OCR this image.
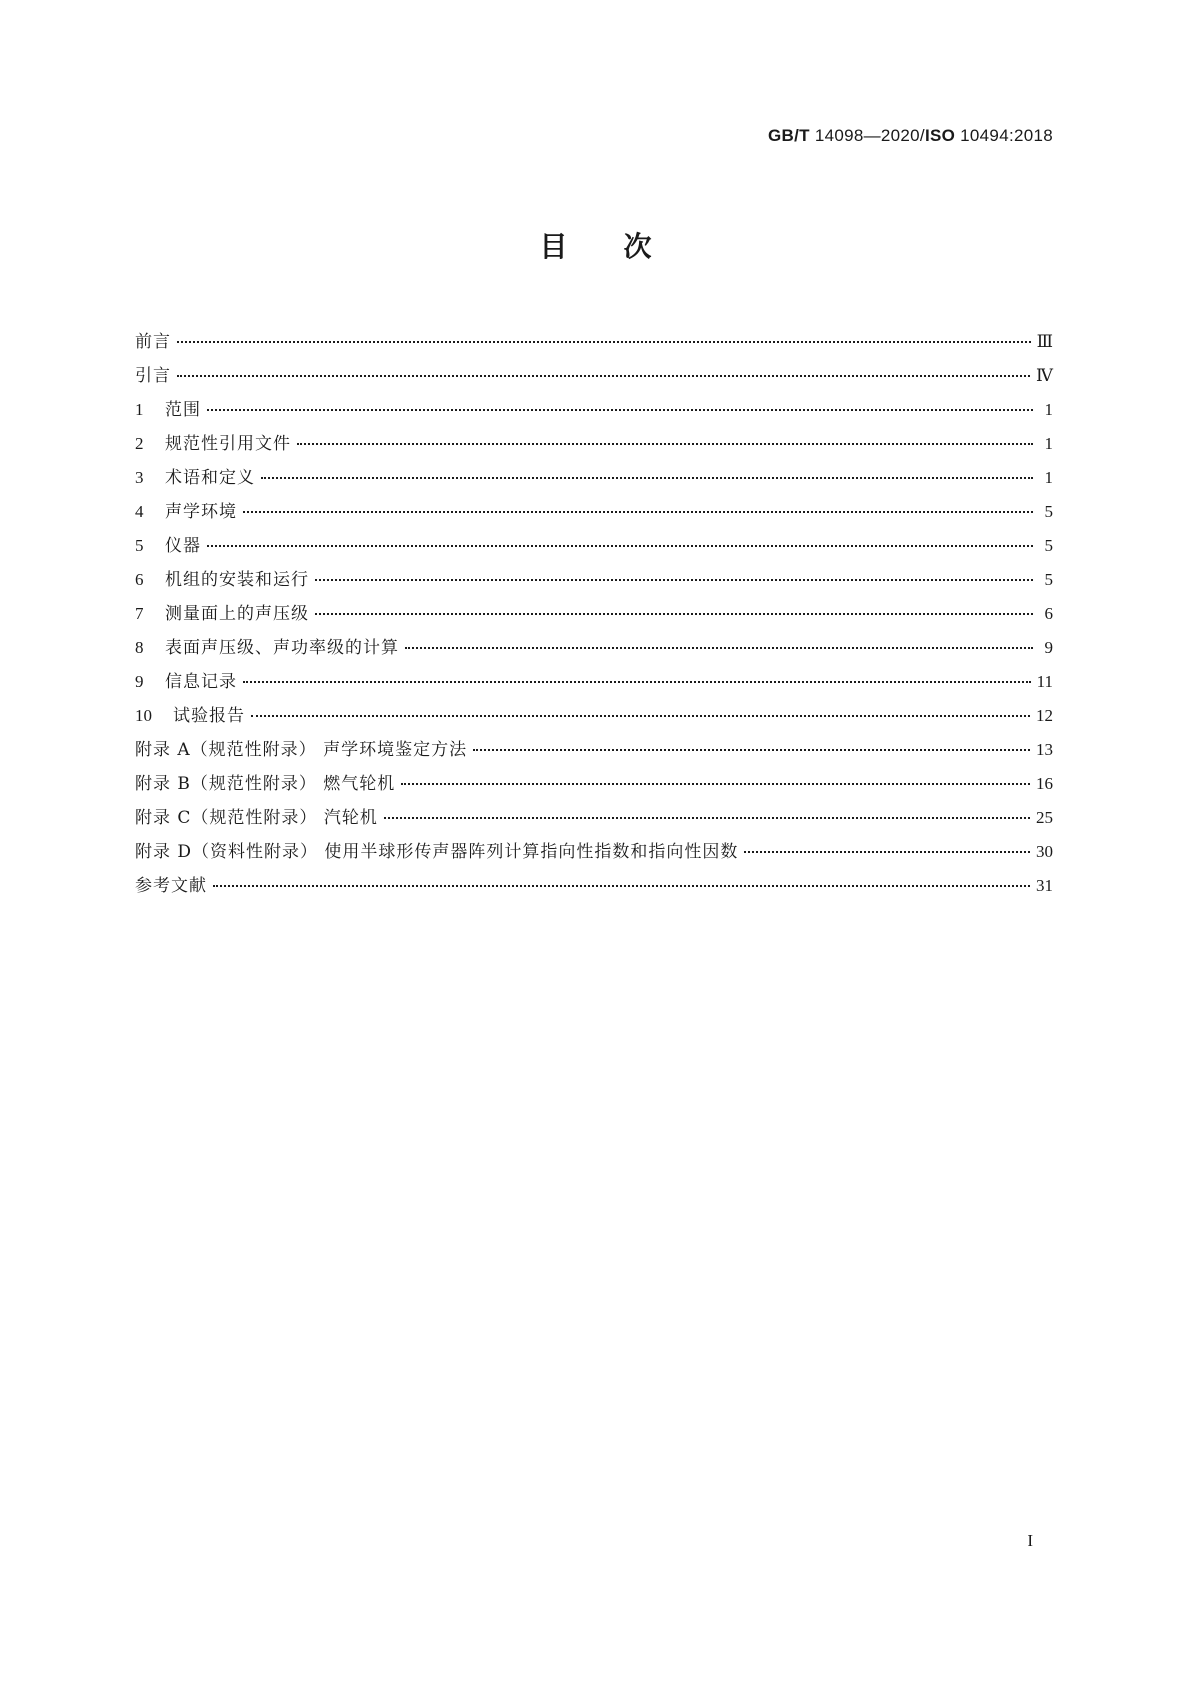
GB/T 14098—2020/ISO 10494:2018
目次
前言	Ⅲ
引言	Ⅳ
1	范围	1
2	规范性引用文件	1
3	术语和定义	1
4	声学环境	5
5	仪器	5
6	机组的安装和运行	5
7	测量面上的声压级	6
8	表面声压级、声功率级的计算	9
9	信息记录	11
10	试验报告	12
附录 A（规范性附录） 声学环境鉴定方法	13
附录 B（规范性附录） 燃气轮机	16
附录 C（规范性附录） 汽轮机	25
附录 D（资料性附录） 使用半球形传声器阵列计算指向性指数和指向性因数	30
参考文献	31
I
